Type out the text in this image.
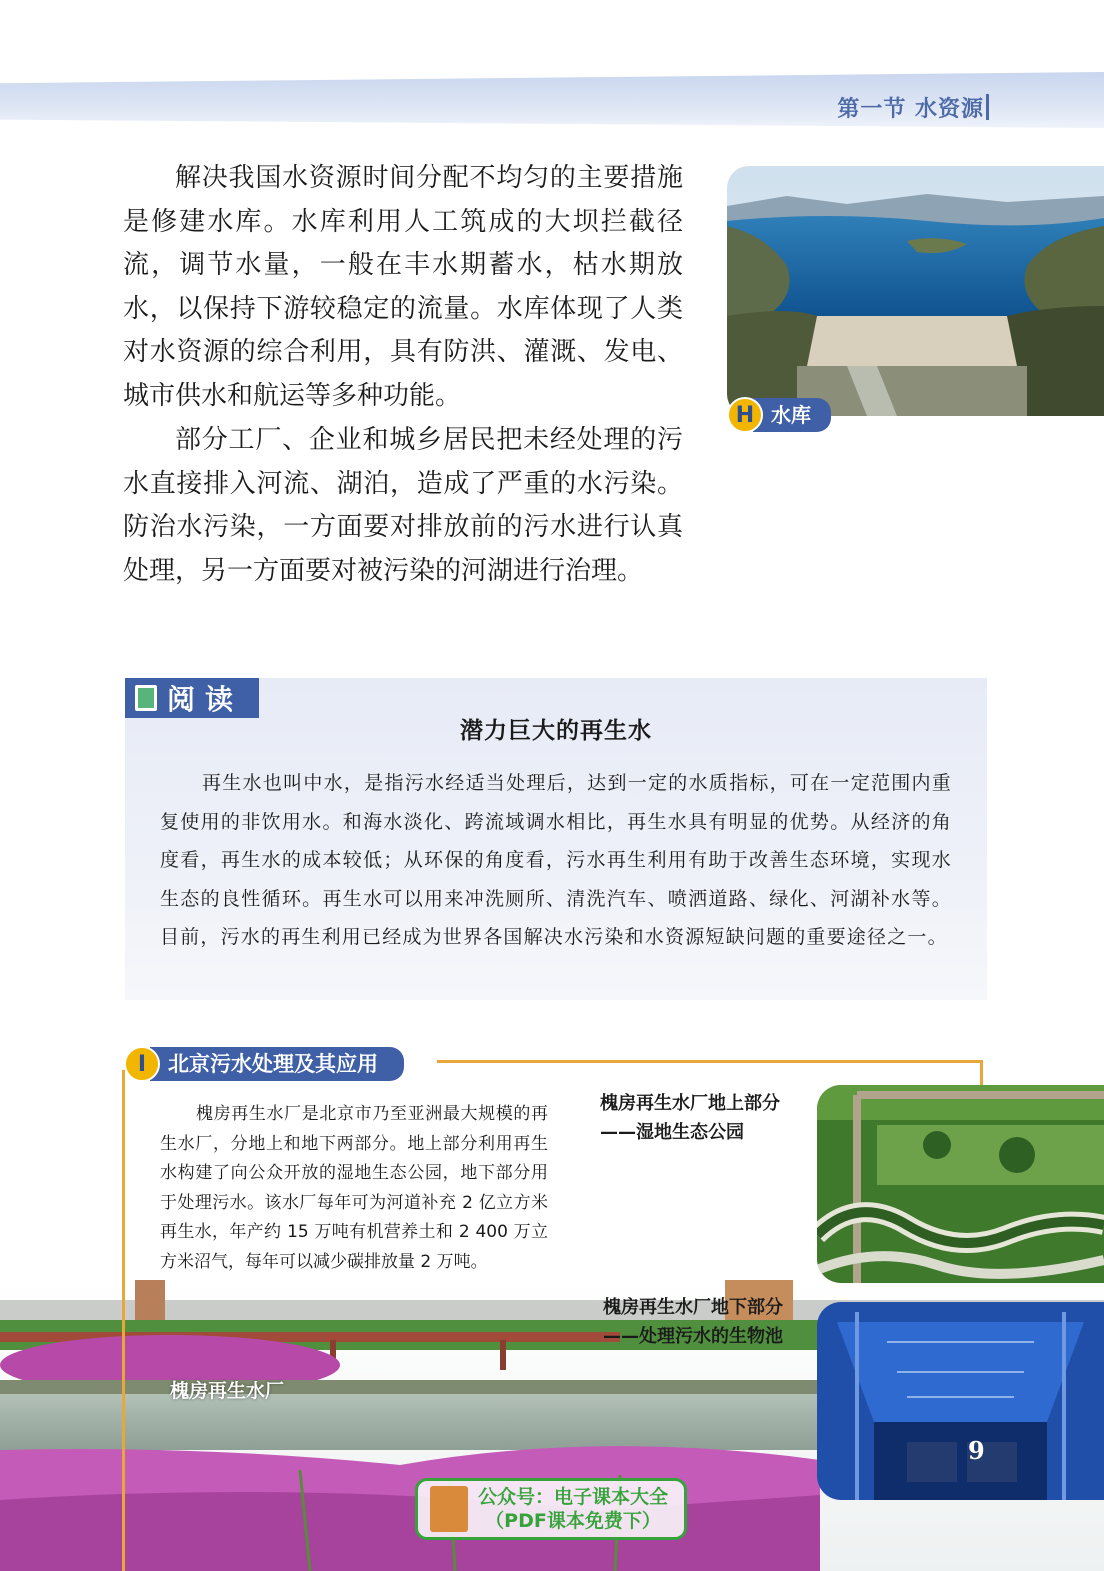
第一节 水资源

解决我国水资源时间分配不均匀的主要措施是修建水库。水库利用人工筑成的大坝拦截径流，调节水量，一般在丰水期蓄水，枯水期放水，以保持下游较稳定的流量。水库体现了人类对水资源的综合利用，具有防洪、灌溉、发电、城市供水和航运等多种功能。

部分工厂、企业和城乡居民把未经处理的污水直接排入河流、湖泊，造成了严重的水污染。防治水污染，一方面要对排放前的污水进行认真处理，另一方面要对被污染的河湖进行治理。

H 水库
阅读
潜力巨大的再生水

再生水也叫中水，是指污水经适当处理后，达到一定的水质指标，可在一定范围内重复使用的非饮用水。和海水淡化、跨流域调水相比，再生水具有明显的优势。从经济的角度看，再生水的成本较低；从环保的角度看，污水再生利用有助于改善生态环境，实现水生态的良性循环。再生水可以用来冲洗厕所、清洗汽车、喷洒道路、绿化、河湖补水等。目前，污水的再生利用已经成为世界各国解决水污染和水资源短缺问题的重要途径之一。

I	北京污水处理及其应用

槐房再生水厂是北京市乃至亚洲最大规模的再生水厂，分地上和地下两部分。地上部分利用再生水构建了向公众开放的湿地生态公园，地下部分用于处理污水。该水厂每年可为河道补充 2 亿立方米再生水，年产约 15 万吨有机营养土和 2 400 万立方米沼气，每年可以减少碳排放量 2 万吨。

槐房再生水厂地上部分
——湿地生态公园
槐房再生水厂地下部分
——处理污水的生物池
9
槐房再生水厂
公众号：电子课本大全
（PDF课本免费下）
